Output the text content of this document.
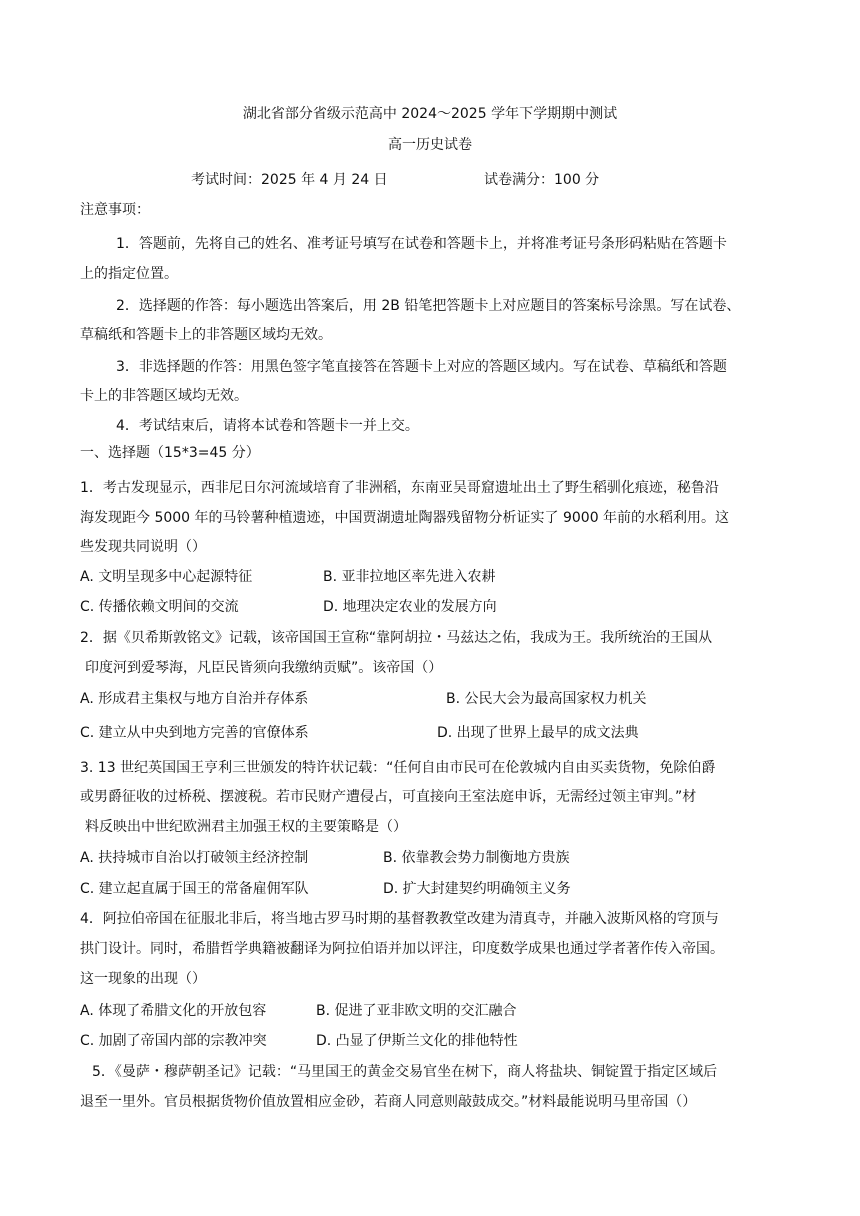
湖北省部分省级示范高中 2024～2025 学年下学期期中测试
高一历史试卷
考试时间：2025 年 4 月 24 日	试卷满分：100 分
注意事项：
1．答题前，先将自己的姓名、准考证号填写在试卷和答题卡上，并将准考证号条形码粘贴在答题卡
上的指定位置。
2．选择题的作答：每小题选出答案后，用 2B 铅笔把答题卡上对应题目的答案标号涂黑。写在试卷、
草稿纸和答题卡上的非答题区域均无效。
3．非选择题的作答：用黑色签字笔直接答在答题卡上对应的答题区域内。写在试卷、草稿纸和答题
卡上的非答题区域均无效。
4．考试结束后，请将本试卷和答题卡一并上交。
一、选择题（15*3=45 分）
1．考古发现显示，西非尼日尔河流域培育了非洲稻，东南亚吴哥窟遗址出土了野生稻驯化痕迹，秘鲁沿
海发现距今 5000 年的马铃薯种植遗迹，中国贾湖遗址陶器残留物分析证实了 9000 年前的水稻利用。这
些发现共同说明（）
A. 文明呈现多中心起源特征	B. 亚非拉地区率先进入农耕
C. 传播依赖文明间的交流	D. 地理决定农业的发展方向
2．据《贝希斯敦铭文》记载，该帝国国王宣称“靠阿胡拉・马兹达之佑，我成为王。我所统治的王国从
印度河到爱琴海，凡臣民皆须向我缴纳贡赋”。该帝国（）
A. 形成君主集权与地方自治并存体系	B. 公民大会为最高国家权力机关
C. 建立从中央到地方完善的官僚体系	D. 出现了世界上最早的成文法典
3. 13 世纪英国国王亨利三世颁发的特许状记载：“任何自由市民可在伦敦城内自由买卖货物，免除伯爵
或男爵征收的过桥税、摆渡税。若市民财产遭侵占，可直接向王室法庭申诉，无需经过领主审判。”材
料反映出中世纪欧洲君主加强王权的主要策略是（）
A. 扶持城市自治以打破领主经济控制	B. 依靠教会势力制衡地方贵族
C. 建立起直属于国王的常备雇佣军队	D. 扩大封建契约明确领主义务
4．阿拉伯帝国在征服北非后，将当地古罗马时期的基督教教堂改建为清真寺，并融入波斯风格的穹顶与
拱门设计。同时，希腊哲学典籍被翻译为阿拉伯语并加以评注，印度数学成果也通过学者著作传入帝国。
这一现象的出现（）
A. 体现了希腊文化的开放包容	B. 促进了亚非欧文明的交汇融合
C. 加剧了帝国内部的宗教冲突	D. 凸显了伊斯兰文化的排他特性
5．《曼萨・穆萨朝圣记》记载：“马里国王的黄金交易官坐在树下，商人将盐块、铜锭置于指定区域后
退至一里外。官员根据货物价值放置相应金砂，若商人同意则敲鼓成交。”材料最能说明马里帝国（）
